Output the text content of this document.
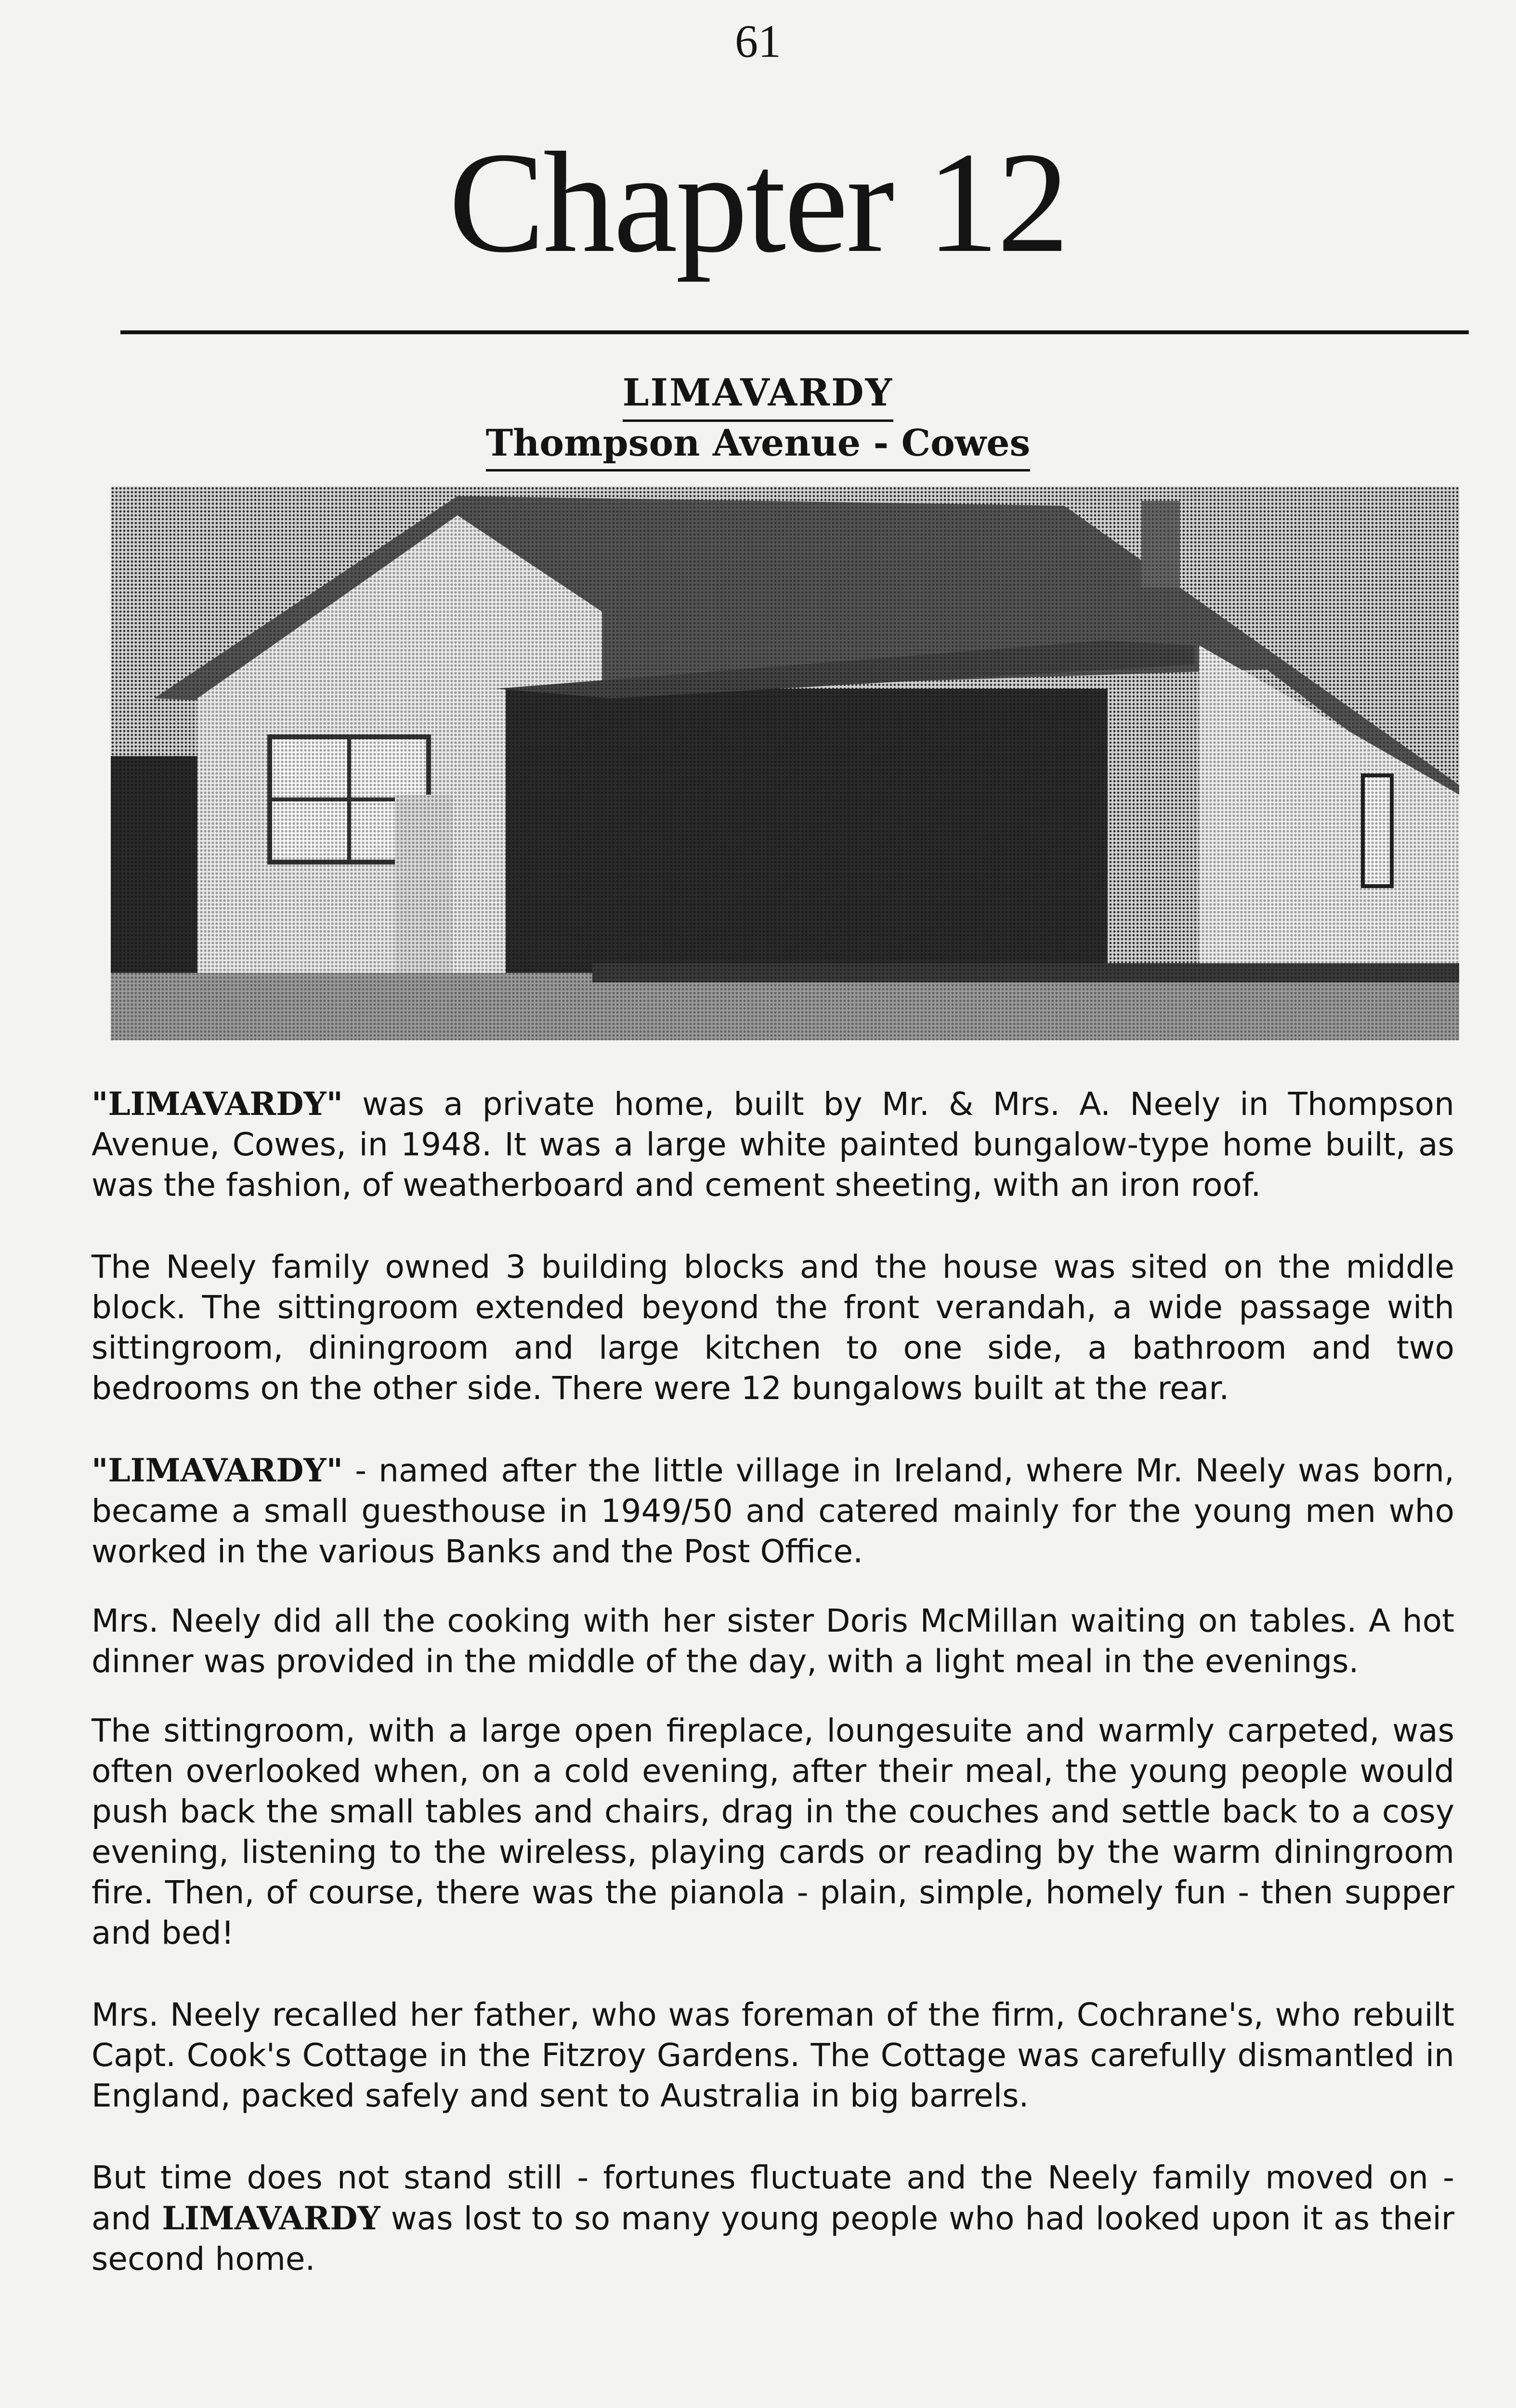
61
Chapter 12
LIMAVARDY
Thompson Avenue - Cowes

"LIMAVARDY" was a private home, built by Mr. & Mrs. A. Neely in Thompson Avenue, Cowes, in 1948. It was a large white painted bungalow-type home built, as was the fashion, of weatherboard and cement sheeting, with an iron roof.

The Neely family owned 3 building blocks and the house was sited on the middle block. The sittingroom extended beyond the front verandah, a wide passage with sittingroom, diningroom and large kitchen to one side, a bathroom and two bedrooms on the other side. There were 12 bungalows built at the rear.

"LIMAVARDY" - named after the little village in Ireland, where Mr. Neely was born, became a small guesthouse in 1949/50 and catered mainly for the young men who worked in the various Banks and the Post Office.

Mrs. Neely did all the cooking with her sister Doris McMillan waiting on tables. A hot dinner was provided in the middle of the day, with a light meal in the evenings.

The sittingroom, with a large open fireplace, loungesuite and warmly carpeted, was often overlooked when, on a cold evening, after their meal, the young people would push back the small tables and chairs, drag in the couches and settle back to a cosy evening, listening to the wireless, playing cards or reading by the warm diningroom fire. Then, of course, there was the pianola - plain, simple, homely fun - then supper and bed!

Mrs. Neely recalled her father, who was foreman of the firm, Cochrane's, who rebuilt Capt. Cook's Cottage in the Fitzroy Gardens. The Cottage was carefully dismantled in England, packed safely and sent to Australia in big barrels.

But time does not stand still - fortunes fluctuate and the Neely family moved on - and LIMAVARDY was lost to so many young people who had looked upon it as their second home.
